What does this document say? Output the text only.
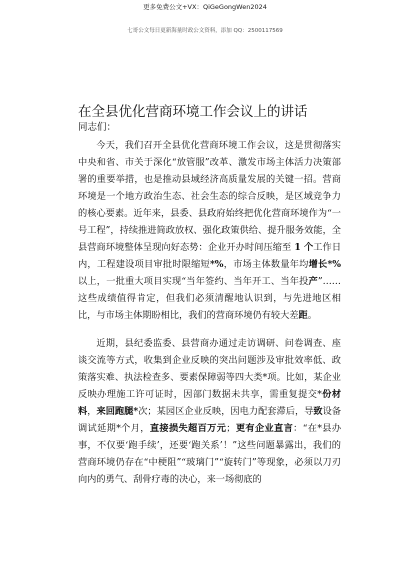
更多免费公文+VX：QiGeGongWen2024
七哥公文每日更新海量时政公文资料，添加 QQ：2500117569
在全县优化营商环境工作会议上的讲话
同志们：

今天，我们召开全县优化营商环境工作会议，这是贯彻落实中央和省、市关于深化“放管服”改革、激发市场主体活力决策部署的重要举措，也是推动县域经济高质量发展的关键一招。营商环境是一个地方政治生态、社会生态的综合反映，是区域竞争力的核心要素。近年来，县委、县政府始终把优化营商环境作为“一号工程”，持续推进简政放权、强化政策供给、提升服务效能，全县营商环境整体呈现向好态势：企业开办时间压缩至 1 个工作日内，工程建设项目审批时限缩短*%，市场主体数量年均增长*%以上，一批重大项目实现“当年签约、当年开工、当年投产”……这些成绩值得肯定，但我们必须清醒地认识到，与先进地区相比，与市场主体期盼相比，我们的营商环境仍有较大差距。

近期，县纪委监委、县营商办通过走访调研、问卷调查、座谈交流等方式，收集到企业反映的突出问题涉及审批效率低、政策落实难、执法检查多、要素保障弱等四大类*项。比如，某企业反映办理施工许可证时，因部门数据未共享，需重复提交*份材料，来回跑腿*次；某园区企业反映，因电力配套滞后，导致设备调试延期*个月，直接损失超百万元；更有企业直言：“在*县办事，不仅要‘跑手续’，还要‘跑关系’！”这些问题暴露出，我们的营商环境仍存在“中梗阻”“玻璃门”“旋转门”等现象，必须以刀刃向内的勇气、刮骨疗毒的决心，来一场彻底的
